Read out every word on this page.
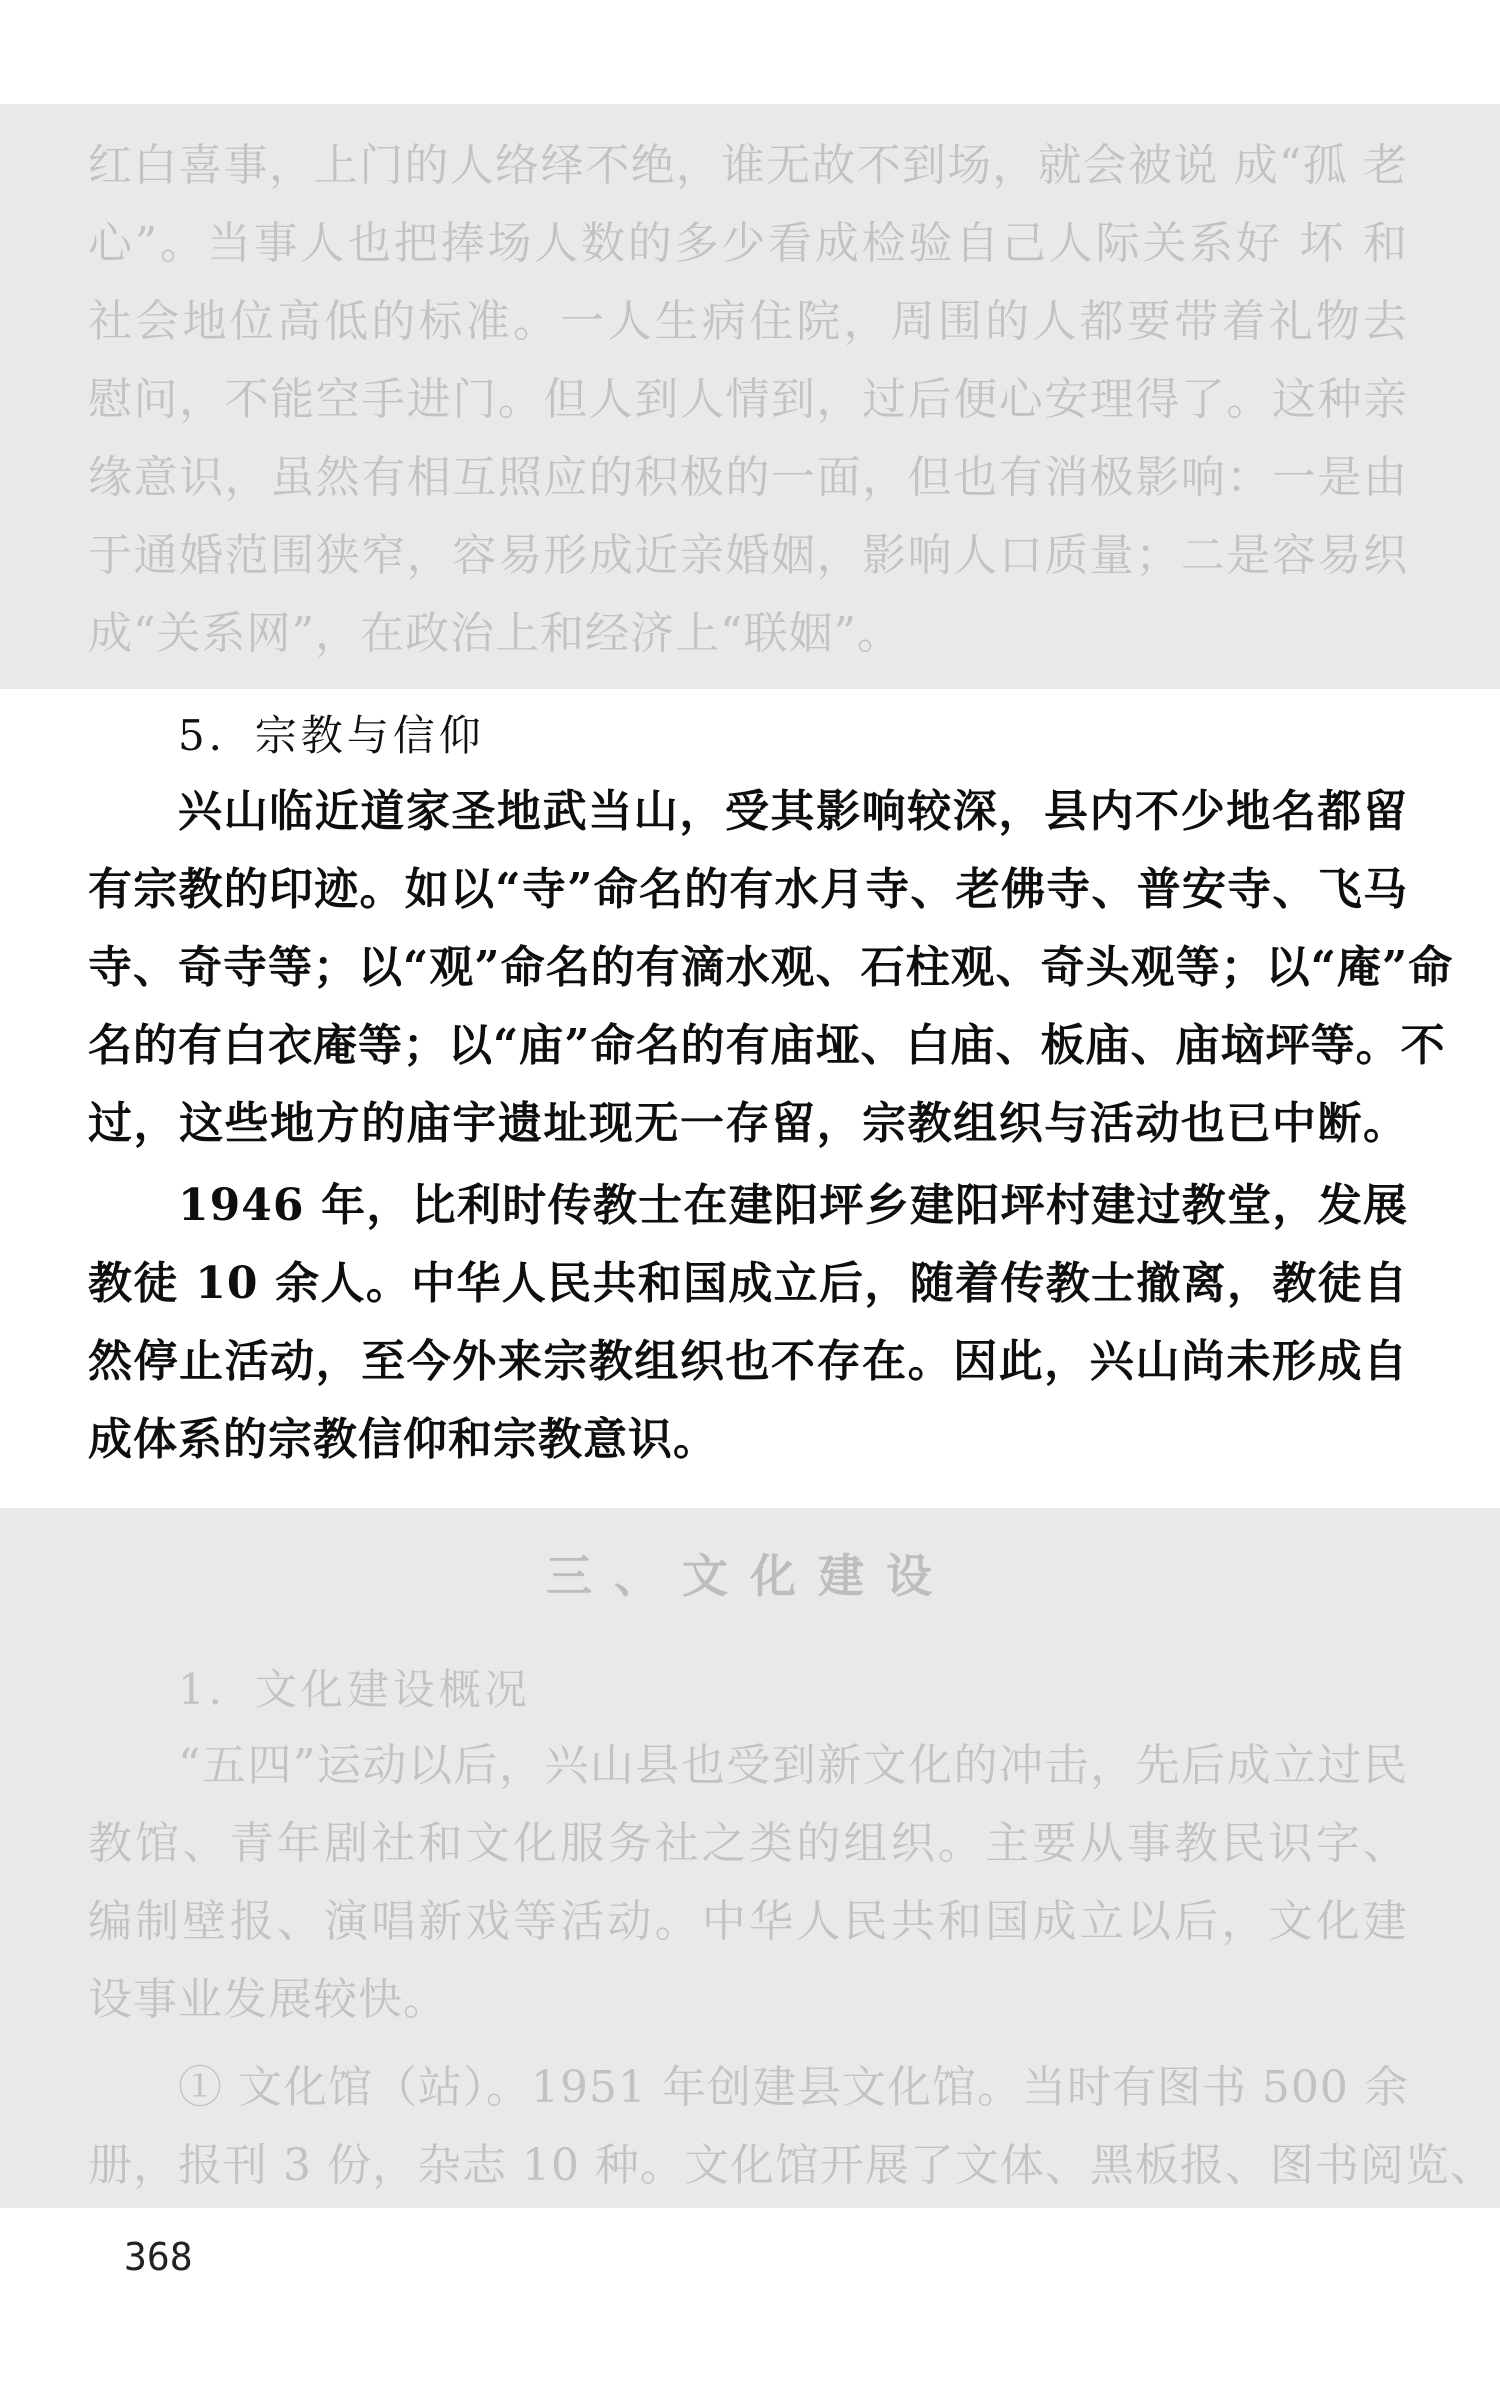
红白喜事，上门的人络绎不绝，谁无故不到场，就会被说 成“孤 老
心”。当事人也把捧场人数的多少看成检验自己人际关系好 坏 和
社会地位高低的标准。一人生病住院，周围的人都要带着礼物去
慰问，不能空手进门。但人到人情到，过后便心安理得了。这种亲
缘意识，虽然有相互照应的积极的一面，但也有消极影响：一是由
于通婚范围狭窄，容易形成近亲婚姻，影响人口质量；二是容易织
成“关系网”，在政治上和经济上“联姻”。
5．宗教与信仰
兴山临近道家圣地武当山，受其影响较深，县内不少地名都留
有宗教的印迹。如以“寺”命名的有水月寺、老佛寺、普安寺、飞马
寺、奇寺等；以“观”命名的有滴水观、石柱观、奇头观等；以“庵”命
名的有白衣庵等；以“庙”命名的有庙垭、白庙、板庙、庙垴坪等。不
过，这些地方的庙宇遗址现无一存留，宗教组织与活动也已中断。
1946 年，比利时传教士在建阳坪乡建阳坪村建过教堂，发展
教徒 10 余人。中华人民共和国成立后，随着传教士撤离，教徒自
然停止活动，至今外来宗教组织也不存在。因此，兴山尚未形成自
成体系的宗教信仰和宗教意识。
三、文化建设
1．文化建设概况
“五四”运动以后，兴山县也受到新文化的冲击，先后成立过民
教馆、青年剧社和文化服务社之类的组织。主要从事教民识字、
编制壁报、演唱新戏等活动。中华人民共和国成立以后，文化建
设事业发展较快。
① 文化馆（站）。1951 年创建县文化馆。当时有图书 500 余
册，报刊 3 份，杂志 10 种。文化馆开展了文体、黑板报、图书阅览、
368
